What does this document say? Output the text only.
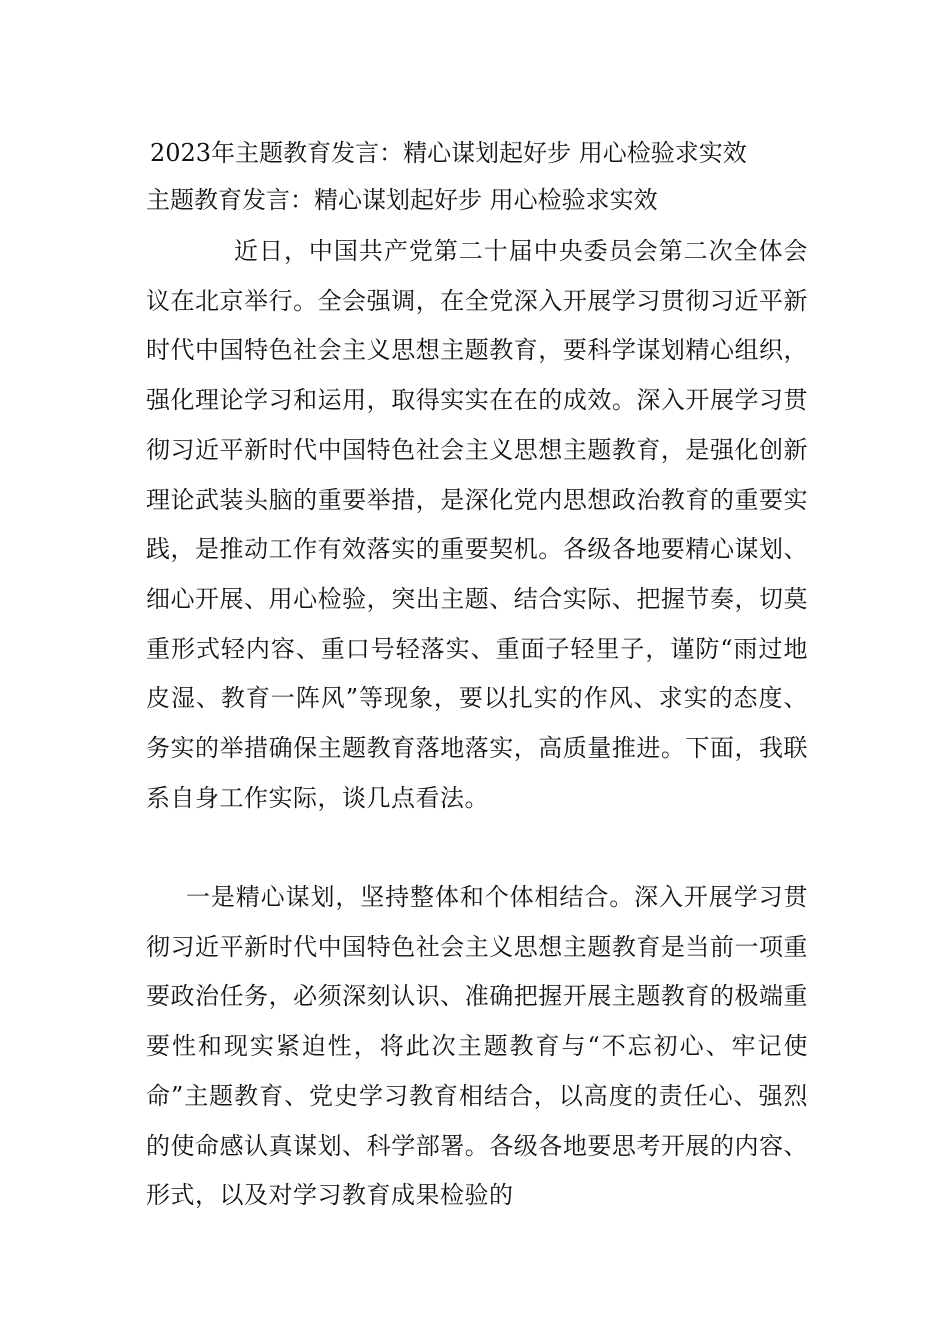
2023年主题教育发言：精心谋划起好步 用心检验求实效
主题教育发言：精心谋划起好步 用心检验求实效

近日，中国共产党第二十届中央委员会第二次全体会议在北京举行。全会强调，在全党深入开展学习贯彻习近平新时代中国特色社会主义思想主题教育，要科学谋划精心组织，强化理论学习和运用，取得实实在在的成效。深入开展学习贯彻习近平新时代中国特色社会主义思想主题教育，是强化创新理论武装头脑的重要举措，是深化党内思想政治教育的重要实践，是推动工作有效落实的重要契机。各级各地要精心谋划、细心开展、用心检验，突出主题、结合实际、把握节奏，切莫重形式轻内容、重口号轻落实、重面子轻里子，谨防“雨过地皮湿、教育一阵风”等现象，要以扎实的作风、求实的态度、务实的举措确保主题教育落地落实，高质量推进。下面，我联系自身工作实际，谈几点看法。

一是精心谋划，坚持整体和个体相结合。深入开展学习贯彻习近平新时代中国特色社会主义思想主题教育是当前一项重要政治任务，必须深刻认识、准确把握开展主题教育的极端重要性和现实紧迫性，将此次主题教育与“不忘初心、牢记使命”主题教育、党史学习教育相结合，以高度的责任心、强烈的使命感认真谋划、科学部署。各级各地要思考开展的内容、形式，以及对学习教育成果检验的
